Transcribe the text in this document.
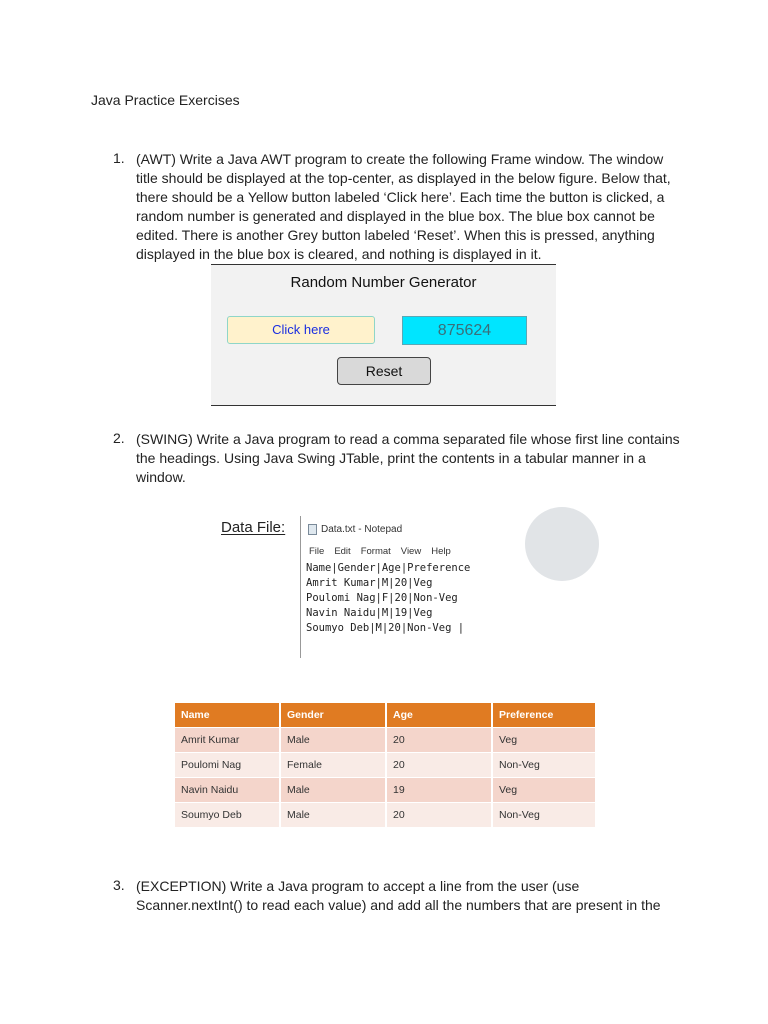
Java Practice Exercises
1. (AWT) Write a Java AWT program to create the following Frame window. The window title should be displayed at the top-center, as displayed in the below figure. Below that, there should be a Yellow button labeled ‘Click here’. Each time the button is clicked, a random number is generated and displayed in the blue box. The blue box cannot be edited. There is another Grey button labeled ‘Reset’. When this is pressed, anything displayed in the blue box is cleared, and nothing is displayed in it.
Random Number Generator
Click here	875624
Reset
2. (SWING) Write a Java program to read a comma separated file whose first line contains the headings. Using Java Swing JTable, print the contents in a tabular manner in a window.
Data File:	Data.txt - Notepad
File Edit Format View Help
Name|Gender|Age|Preference
Amrit Kumar|M|20|Veg
Poulomi Nag|F|20|Non-Veg
Navin Naidu|M|19|Veg
Soumyo Deb|M|20|Non-Veg |
Name	Gender	Age	Preference
Amrit Kumar	Male	20	Veg
Poulomi Nag	Female	20	Non-Veg
Navin Naidu	Male	19	Veg
Soumyo Deb	Male	20	Non-Veg
3. (EXCEPTION) Write a Java program to accept a line from the user (use Scanner.nextInt() to read each value) and add all the numbers that are present in the
